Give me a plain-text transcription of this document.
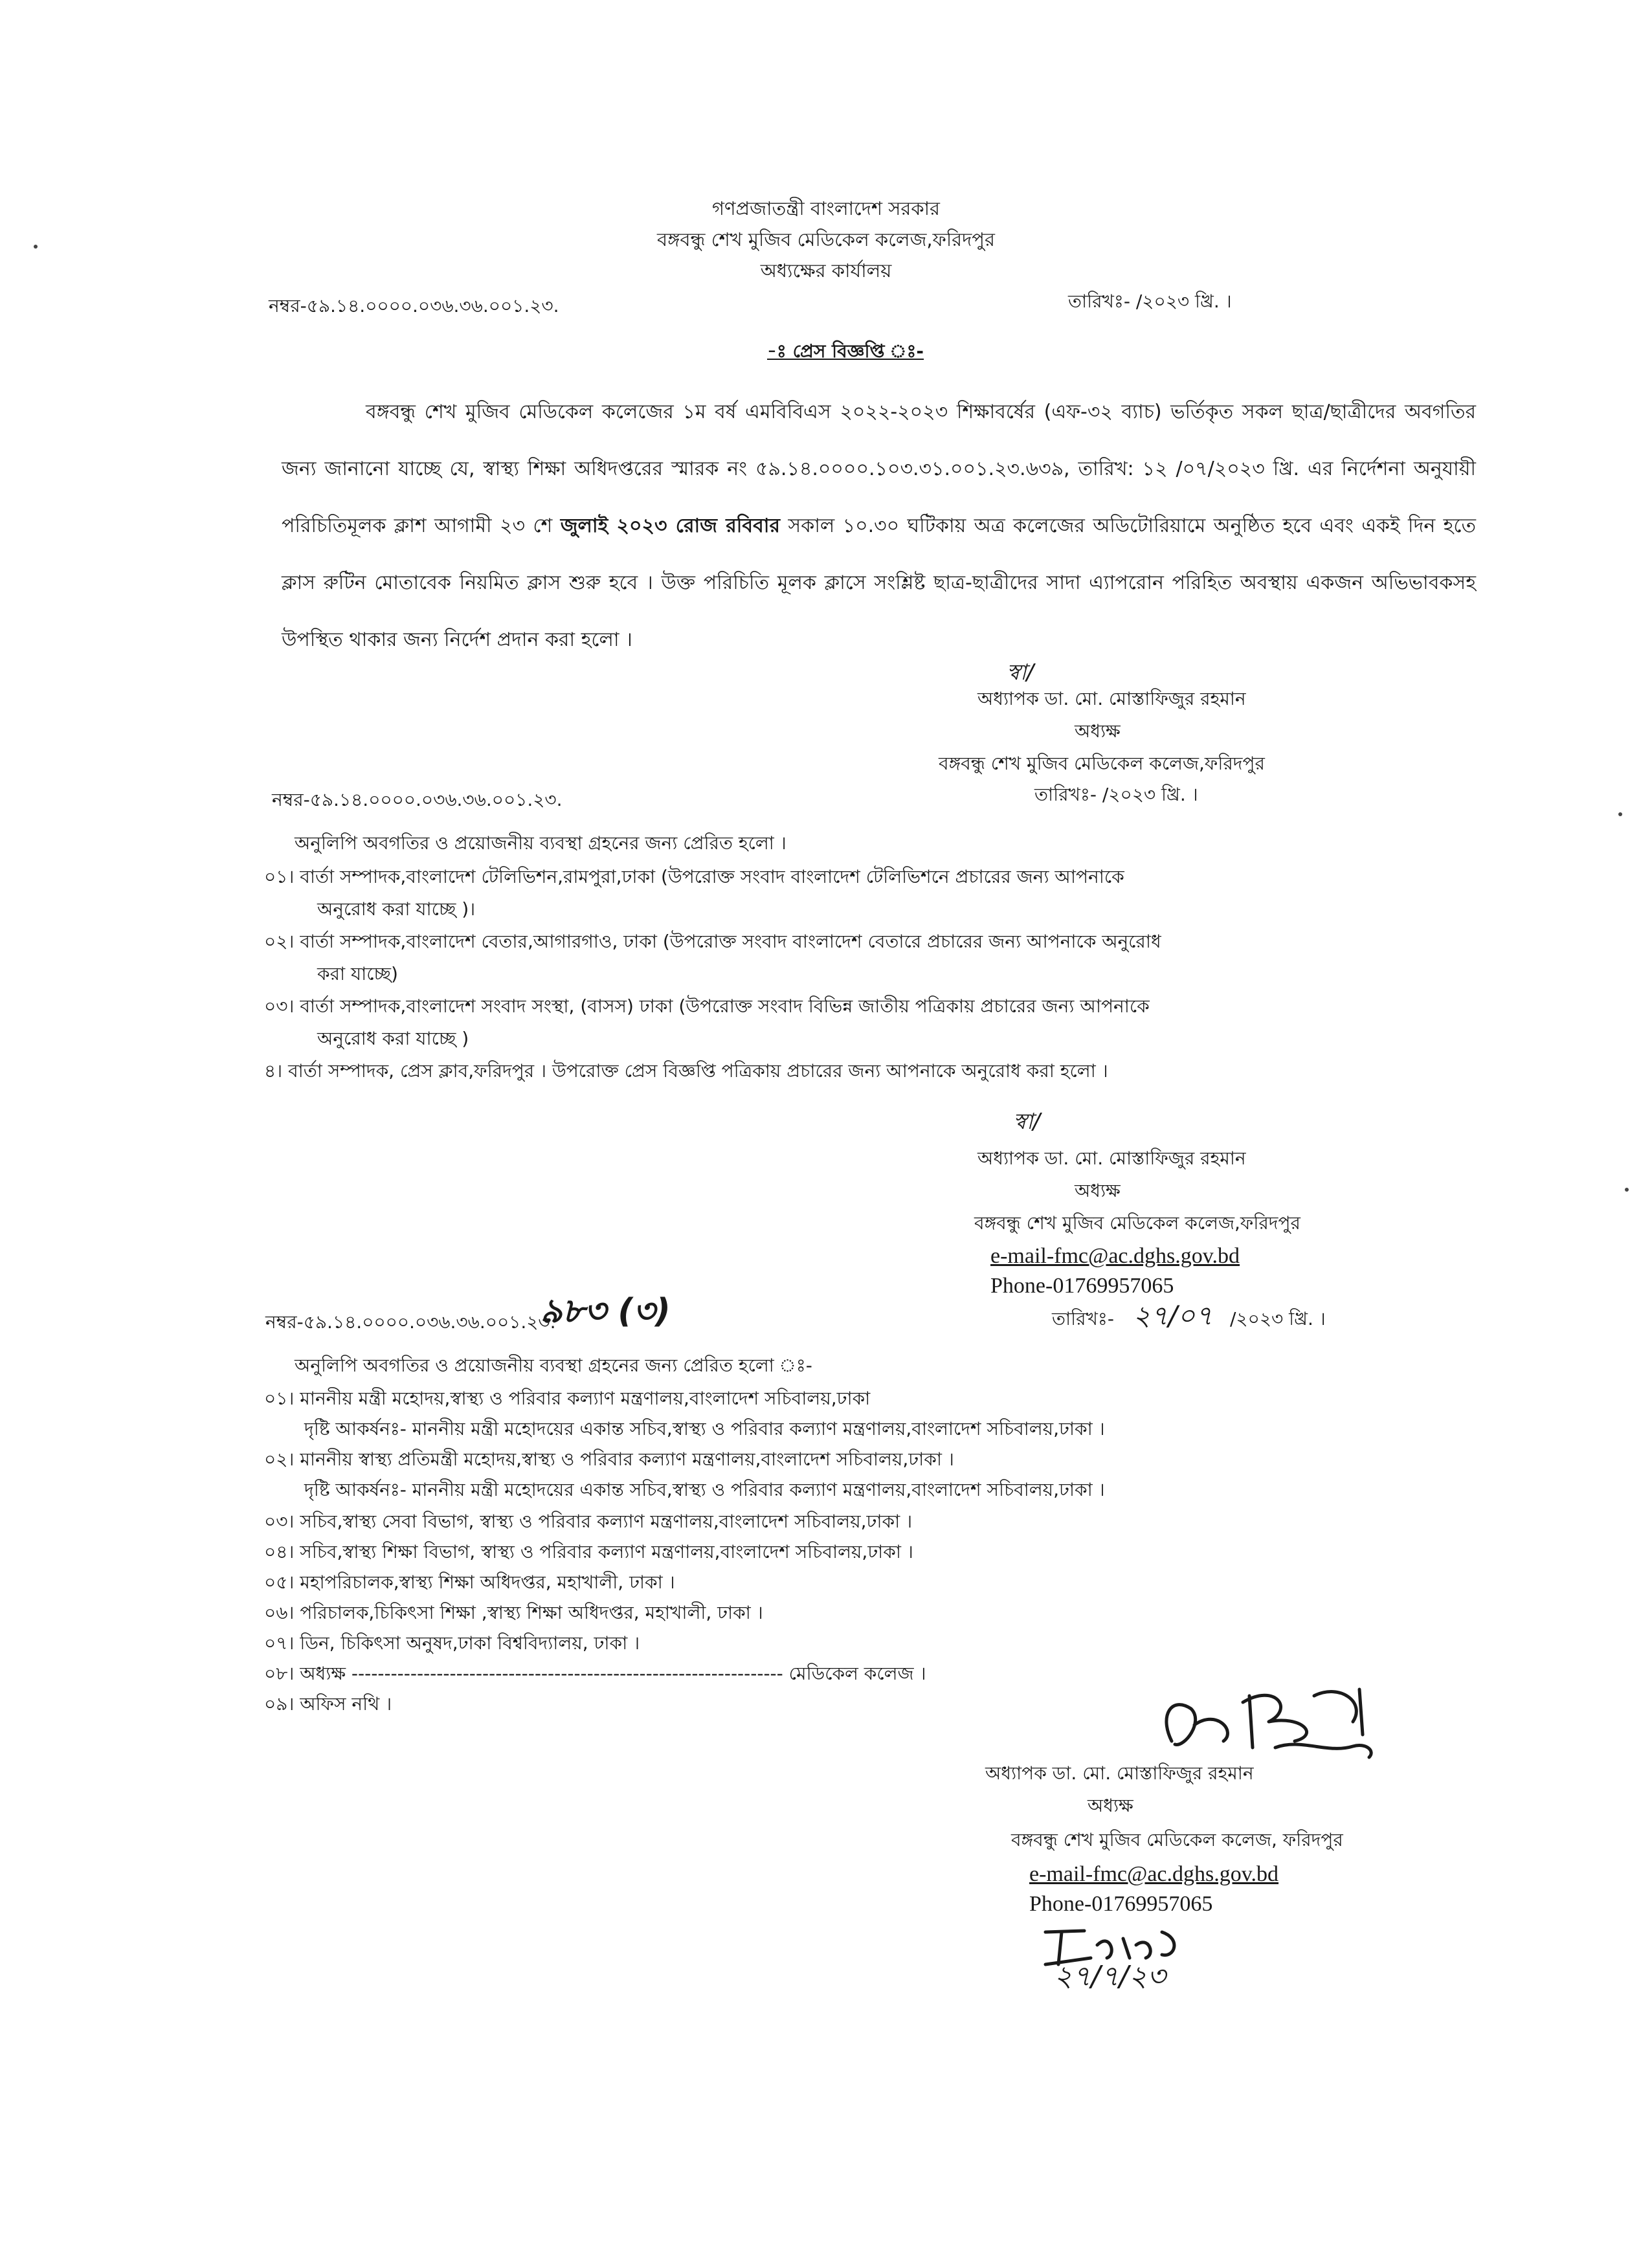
গণপ্রজাতন্ত্রী বাংলাদেশ সরকার
বঙ্গবন্ধু শেখ মুজিব মেডিকেল কলেজ,ফরিদপুর
অধ্যক্ষের কার্যালয়
নম্বর-৫৯.১৪.০০০০.০৩৬.৩৬.০০১.২৩.	তারিখঃ- /২০২৩ খ্রি. ।
-ঃ প্রেস বিজ্ঞপ্তি ঃ-
বঙ্গবন্ধু শেখ মুজিব মেডিকেল কলেজের ১ম বর্ষ এমবিবিএস ২০২২-২০২৩ শিক্ষাবর্ষের (এফ-৩২ ব্যাচ) ভর্তিকৃত সকল ছাত্র/ছাত্রীদের অবগতির জন্য জানানো যাচ্ছে যে, স্বাস্থ্য শিক্ষা অধিদপ্তরের স্মারক নং ৫৯.১৪.০০০০.১০৩.৩১.০০১.২৩.৬৩৯, তারিখ: ১২ /০৭/২০২৩ খ্রি. এর নির্দেশনা অনুযায়ী পরিচিতিমূলক ক্লাশ আগামী ২৩ শে জুলাই ২০২৩ রোজ রবিবার সকাল ১০.৩০ ঘটিকায় অত্র কলেজের অডিটোরিয়ামে অনুষ্ঠিত হবে এবং একই দিন হতে ক্লাস রুটিন মোতাবেক নিয়মিত ক্লাস শুরু হবে । উক্ত পরিচিতি মূলক ক্লাসে সংশ্লিষ্ট ছাত্র-ছাত্রীদের সাদা এ্যাপরোন পরিহিত অবস্থায় একজন অভিভাবকসহ উপস্থিত থাকার জন্য নির্দেশ প্রদান করা হলো ।
স্বা/
অধ্যাপক ডা. মো. মোস্তাফিজুর রহমান
অধ্যক্ষ
বঙ্গবন্ধু শেখ মুজিব মেডিকেল কলেজ,ফরিদপুর
নম্বর-৫৯.১৪.০০০০.০৩৬.৩৬.০০১.২৩.	তারিখঃ- /২০২৩ খ্রি. ।
অনুলিপি অবগতির ও প্রয়োজনীয় ব্যবস্থা গ্রহনের জন্য প্রেরিত হলো ।
০১। বার্তা সম্পাদক,বাংলাদেশ টেলিভিশন,রামপুরা,ঢাকা (উপরোক্ত সংবাদ বাংলাদেশ টেলিভিশনে প্রচারের জন্য আপনাকে
অনুরোধ করা যাচ্ছে )।
০২। বার্তা সম্পাদক,বাংলাদেশ বেতার,আগারগাও, ঢাকা (উপরোক্ত সংবাদ বাংলাদেশ বেতারে প্রচারের জন্য আপনাকে অনুরোধ
করা যাচ্ছে)
০৩। বার্তা সম্পাদক,বাংলাদেশ সংবাদ সংস্থা, (বাসস) ঢাকা (উপরোক্ত সংবাদ বিভিন্ন জাতীয় পত্রিকায় প্রচারের জন্য আপনাকে
অনুরোধ করা যাচ্ছে )
৪। বার্তা সম্পাদক, প্রেস ক্লাব,ফরিদপুর । উপরোক্ত প্রেস বিজ্ঞপ্তি পত্রিকায় প্রচারের জন্য আপনাকে অনুরোধ করা হলো ।
স্বা/
অধ্যাপক ডা. মো. মোস্তাফিজুর রহমান
অধ্যক্ষ
বঙ্গবন্ধু শেখ মুজিব মেডিকেল কলেজ,ফরিদপুর
e-mail-fmc@ac.dghs.gov.bd
Phone-01769957065
নম্বর-৫৯.১৪.০০০০.০৩৬.৩৬.০০১.২৩.
৯৮৩ (৩)	তারিখঃ- ২৭/০৭ /২০২৩ খ্রি. ।
অনুলিপি অবগতির ও প্রয়োজনীয় ব্যবস্থা গ্রহনের জন্য প্রেরিত হলো ঃ-
০১। মাননীয় মন্ত্রী মহোদয়,স্বাস্থ্য ও পরিবার কল্যাণ মন্ত্রণালয়,বাংলাদেশ সচিবালয়,ঢাকা
দৃষ্টি আকর্ষনঃ- মাননীয় মন্ত্রী মহোদয়ের একান্ত সচিব,স্বাস্থ্য ও পরিবার কল্যাণ মন্ত্রণালয়,বাংলাদেশ সচিবালয়,ঢাকা ।
০২। মাননীয় স্বাস্থ্য প্রতিমন্ত্রী মহোদয়,স্বাস্থ্য ও পরিবার কল্যাণ মন্ত্রণালয়,বাংলাদেশ সচিবালয়,ঢাকা ।
দৃষ্টি আকর্ষনঃ- মাননীয় মন্ত্রী মহোদয়ের একান্ত সচিব,স্বাস্থ্য ও পরিবার কল্যাণ মন্ত্রণালয়,বাংলাদেশ সচিবালয়,ঢাকা ।
০৩। সচিব,স্বাস্থ্য সেবা বিভাগ, স্বাস্থ্য ও পরিবার কল্যাণ মন্ত্রণালয়,বাংলাদেশ সচিবালয়,ঢাকা ।
০৪। সচিব,স্বাস্থ্য শিক্ষা বিভাগ, স্বাস্থ্য ও পরিবার কল্যাণ মন্ত্রণালয়,বাংলাদেশ সচিবালয়,ঢাকা ।
০৫। মহাপরিচালক,স্বাস্থ্য শিক্ষা অধিদপ্তর, মহাখালী, ঢাকা ।
০৬। পরিচালক,চিকিৎসা শিক্ষা ,স্বাস্থ্য শিক্ষা অধিদপ্তর, মহাখালী, ঢাকা ।
০৭। ডিন, চিকিৎসা অনুষদ,ঢাকা বিশ্ববিদ্যালয়, ঢাকা ।
০৮। অধ্যক্ষ ------------------------------------------------------------------ মেডিকেল কলেজ ।
০৯। অফিস নথি ।
অধ্যাপক ডা. মো. মোস্তাফিজুর রহমান
অধ্যক্ষ
বঙ্গবন্ধু শেখ মুজিব মেডিকেল কলেজ, ফরিদপুর
e-mail-fmc@ac.dghs.gov.bd
Phone-01769957065
২৭/৭/২৩
